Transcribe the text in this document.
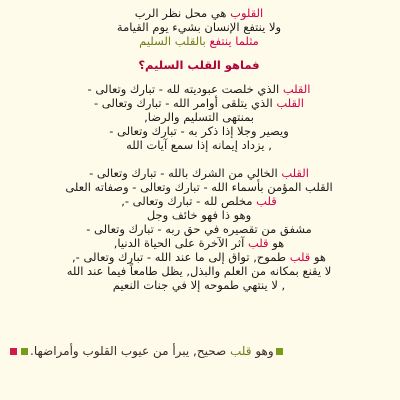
القلوب هي محل نظر الرب
ولا ينتفع الإنسان بشيء يوم القيامة
مثلما ينتفع بالقلب السليم
فماهو القلب السليم؟
القلب الذي خلصت عبوديته لله - تبارك وتعالى -
القلب الذي يتلقى أوامر الله - تبارك وتعالى -
بمنتهى التسليم والرضا,
ويصير وجلا إذا ذكر به - تبارك وتعالى -
, يزداد إيمانه إذا سمع آيات الله
القلب الخالي من الشرك بالله - تبارك وتعالى -
القلب المؤمن بأسماء الله - تبارك وتعالى - وصفاته العلى
قلب مخلص لله - تبارك وتعالى -,
وهو ذا فهو خائف وجل
مشفق من تقصيره في حق ربه - تبارك وتعالى -
هو قلب آثر الآخرة على الحياة الدنيا,
هو قلب طموح, تواق إلى ما عند الله - تبارك وتعالى -,
لا يقنع بمكانه من العلم والبذل, يظل طامعاً فيما عند الله
, لا ينتهي طموحه إلا في جنات النعيم
وهو قلب صحيح, يبرأ من عيوب القلوب وأمراضها.
